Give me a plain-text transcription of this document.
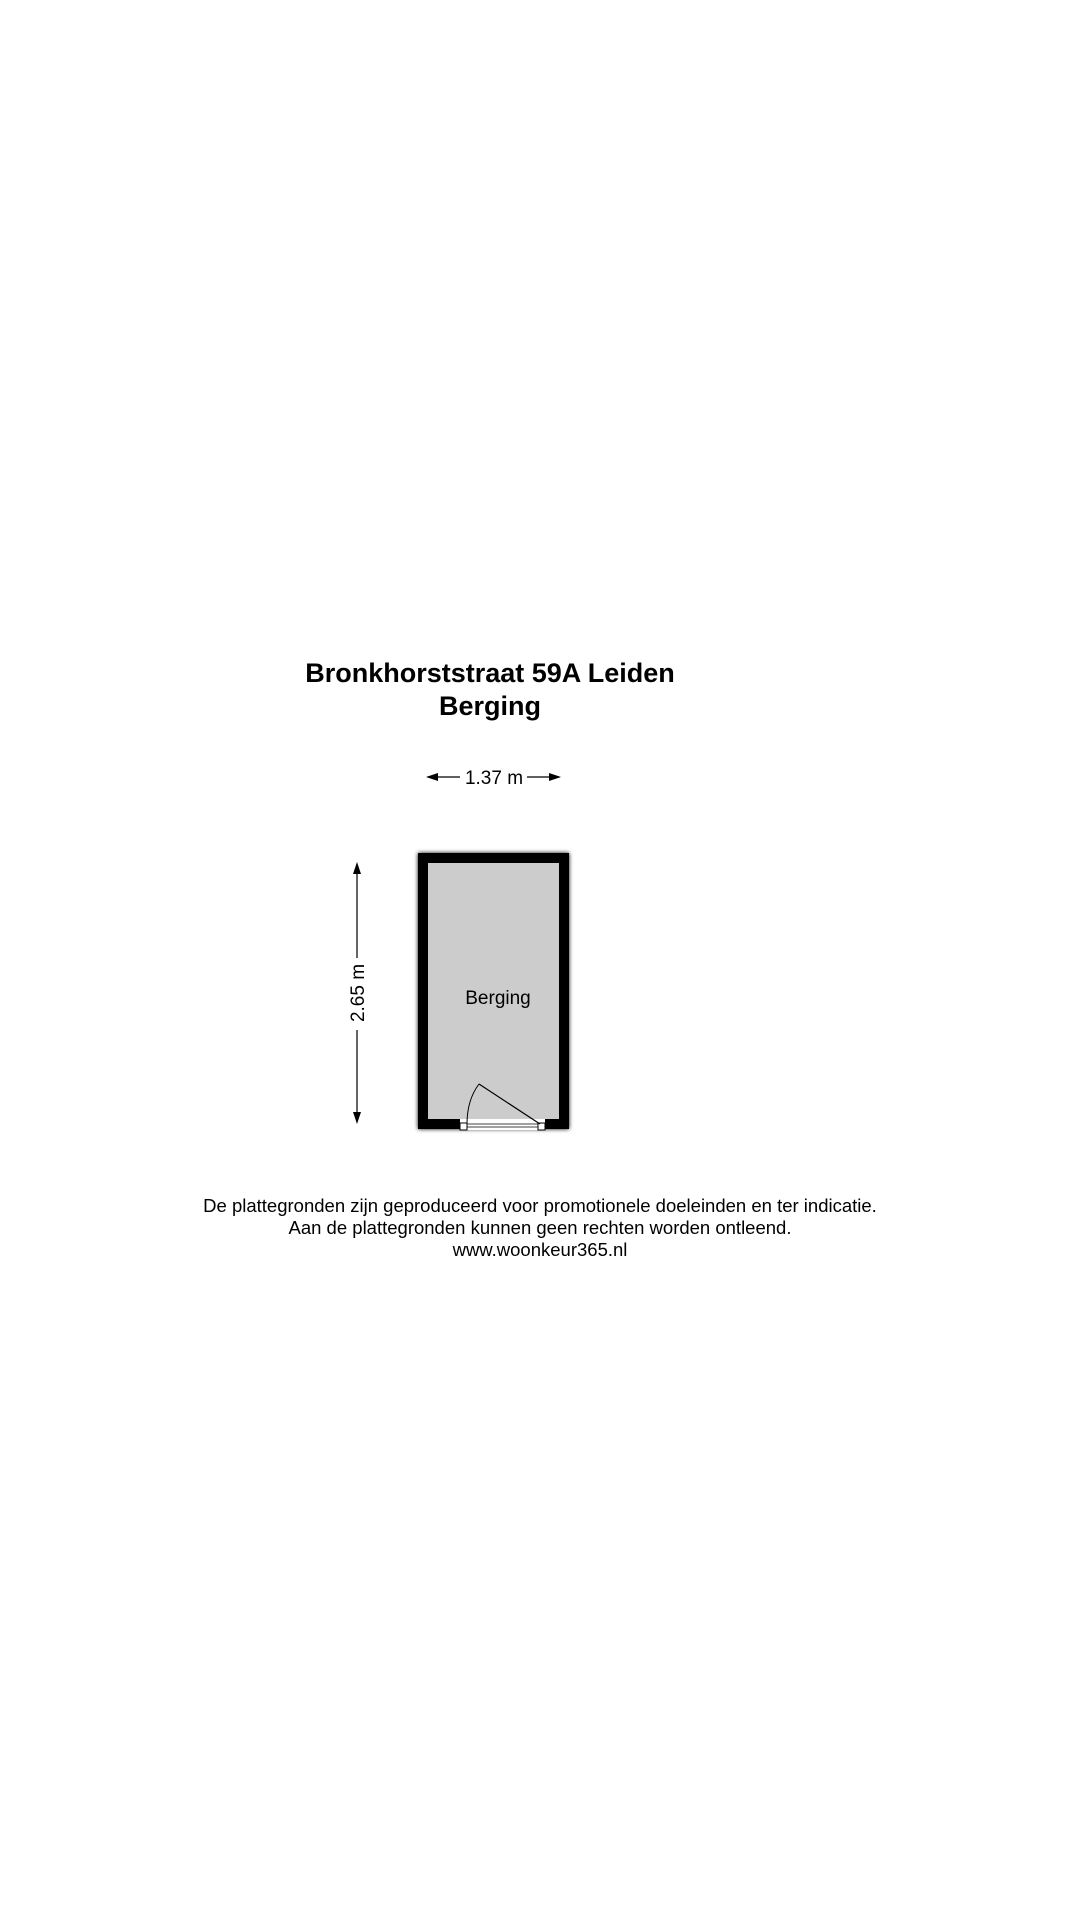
Bronkhorststraat 59A Leiden
Berging
1.37 m
2.65 m	Berging
De plattegronden zijn geproduceerd voor promotionele doeleinden en ter indicatie.
Aan de plattegronden kunnen geen rechten worden ontleend.
www.woonkeur365.nl
